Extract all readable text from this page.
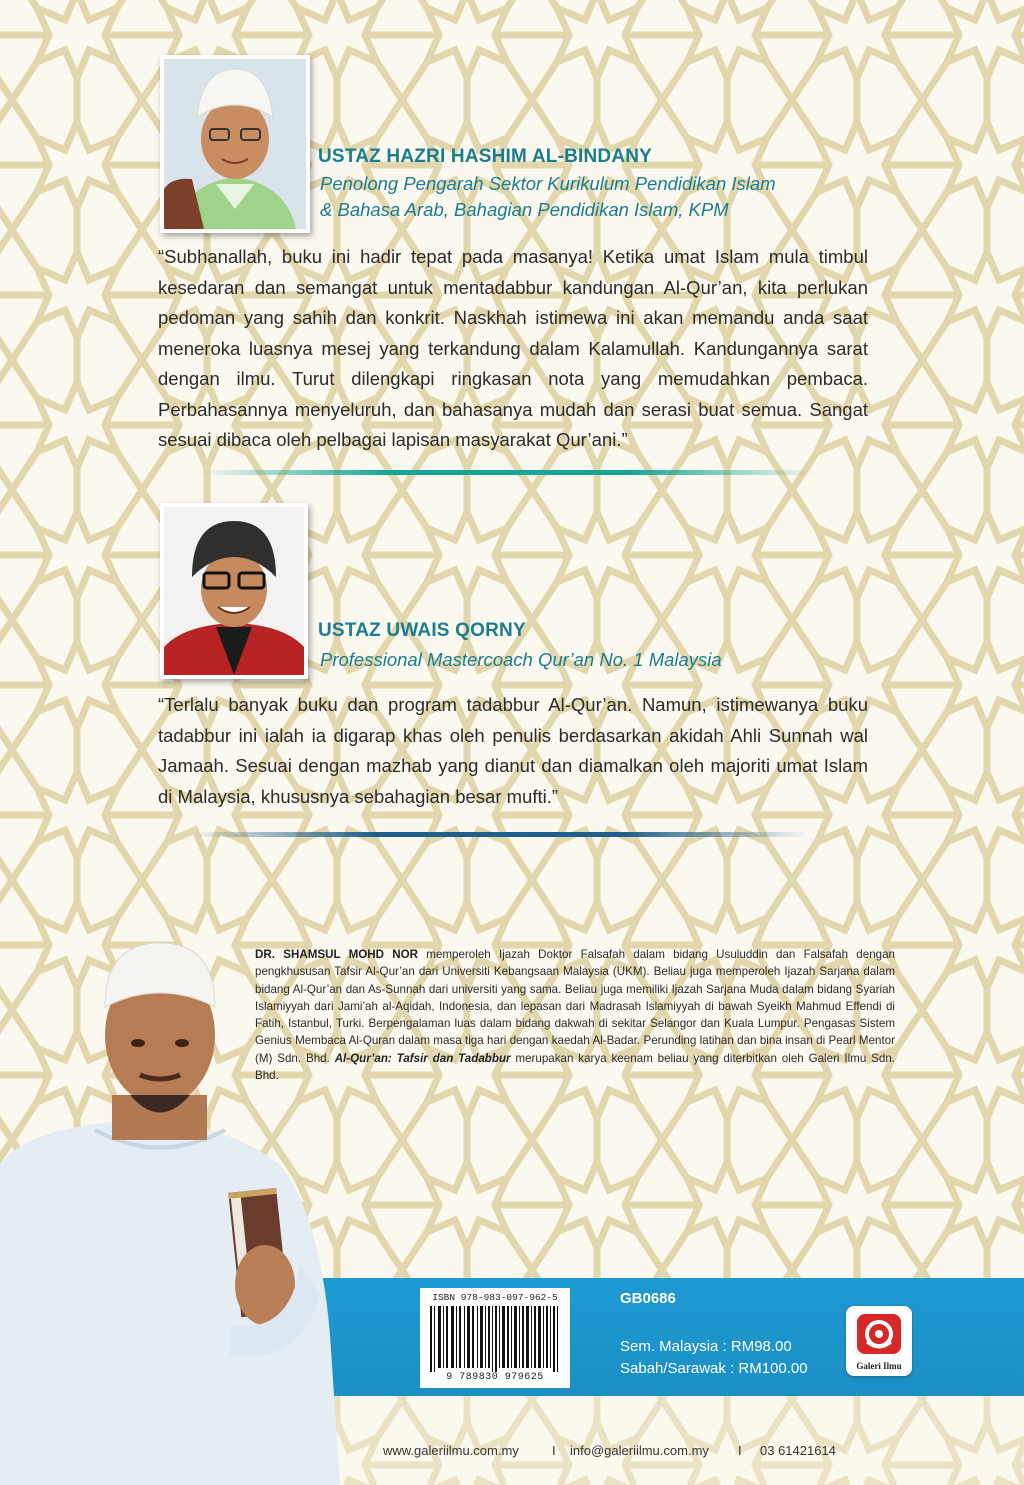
USTAZ HAZRI HASHIM AL-BINDANY
Penolong Pengarah Sektor Kurikulum Pendidikan Islam
& Bahasa Arab, Bahagian Pendidikan Islam, KPM
“Subhanallah, buku ini hadir tepat pada masanya! Ketika umat Islam mula timbul kesedaran dan semangat untuk mentadabbur kandungan Al-Qur’an, kita perlukan pedoman yang sahih dan konkrit. Naskhah istimewa ini akan memandu anda saat meneroka luasnya mesej yang terkandung dalam Kalamullah. Kandungannya sarat dengan ilmu. Turut dilengkapi ringkasan nota yang memudahkan pembaca. Perbahasannya menyeluruh, dan bahasanya mudah dan serasi buat semua. Sangat sesuai dibaca oleh pelbagai lapisan masyarakat Qur’ani.”
USTAZ UWAIS QORNY
Professional Mastercoach Qur’an No. 1 Malaysia
“Terlalu banyak buku dan program tadabbur Al-Qur’an. Namun, istimewanya buku tadabbur ini ialah ia digarap khas oleh penulis berdasarkan akidah Ahli Sunnah wal Jamaah. Sesuai dengan mazhab yang dianut dan diamalkan oleh majoriti umat Islam di Malaysia, khususnya sebahagian besar mufti.”
DR. SHAMSUL MOHD NOR memperoleh Ijazah Doktor Falsafah dalam bidang Usuluddin dan Falsafah dengan pengkhususan Tafsir Al-Qur’an dari Universiti Kebangsaan Malaysia (UKM). Beliau juga memperoleh Ijazah Sarjana dalam bidang Al-Qur’an dan As-Sunnah dari universiti yang sama. Beliau juga memiliki Ijazah Sarjana Muda dalam bidang Syariah Islamiyyah dari Jami’ah al-Aqidah, Indonesia, dan lepasan dari Madrasah Islamiyyah di bawah Syeikh Mahmud Effendi di Fatih, Istanbul, Turki. Berpengalaman luas dalam bidang dakwah di sekitar Selangor dan Kuala Lumpur. Pengasas Sistem Genius Membaca Al-Quran dalam masa tiga hari dengan kaedah Al-Badar. Perunding latihan dan bina insan di Pearl Mentor (M) Sdn. Bhd. Al-Qur’an: Tafsir dan Tadabbur merupakan karya keenam beliau yang diterbitkan oleh Galeri Ilmu Sdn. Bhd.
ISBN 978-983-097-962-5
9 789830 979625
GB0686
Sem. Malaysia : RM98.00
Sabah/Sarawak : RM100.00	Galeri Ilmu
www.galeriilmu.com.my	I info@galeriilmu.com.my I 03 61421614
